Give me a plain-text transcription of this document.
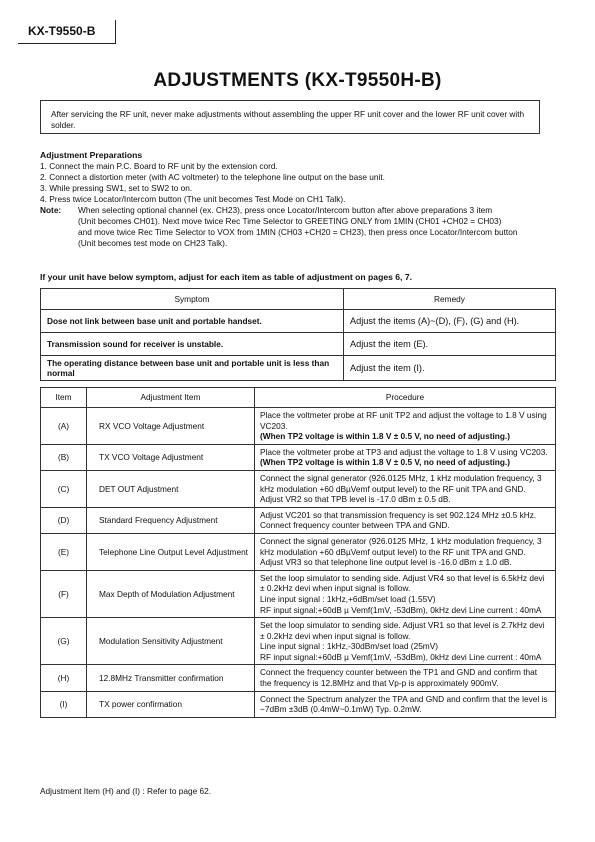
KX-T9550-B
ADJUSTMENTS (KX-T9550H-B)
After servicing the RF unit, never make adjustments without assembling the upper RF unit cover and the lower RF unit cover with solder.
Adjustment Preparations

1. Connect the main P.C. Board to RF unit by the extension cord.

2. Connect a distortion meter (with AC voltmeter) to the telephone line output on the base unit.

3. While pressing SW1, set to SW2 to on.

4. Press twice Locator/Intercom button (The unit becomes Test Mode on CH1 Talk).

Note:	When selecting optional channel (ex. CH23), press once Locator/Intercom button after above preparations 3 item
(Unit becomes CH01). Next move twice Rec Time Selector to GREETING ONLY from 1MIN (CH01 +CH02 = CH03)
and move twice Rec Time Selector to VOX from 1MIN (CH03 +CH20 = CH23), then press once Locator/Intercom button
(Unit becomes test mode on CH23 Talk).
If your unit have below symptom, adjust for each item as table of adjustment on pages 6, 7.
Symptom	Remedy
Dose not link between base unit and portable handset.	Adjust the items (A)~(D), (F), (G) and (H).
Transmission sound for receiver is unstable.	Adjust the item (E).
The operating distance between base unit and portable unit is less than normal	Adjust the item (I).
Item	Adjustment Item	Procedure
(A)	RX VCO Voltage Adjustment	Place the voltmeter probe at RF unit TP2 and adjust the voltage to 1.8 V using VC203.
(When TP2 voltage is within 1.8 V ± 0.5 V, no need of adjusting.)

(B)	TX VCO Voltage Adjustment	Place the voltmeter probe at TP3 and adjust the voltage to 1.8 V using VC203.
(When TP2 voltage is within 1.8 V ± 0.5 V, no need of adjusting.)

(C)	DET OUT Adjustment	Connect the signal generator (926.0125 MHz, 1 kHz modulation frequency, 3 kHz modulation +60 dBµVemf output level) to the RF unit TPA and GND.
Adjust VR2 so that TPB level is -17.0 dBm ± 0.5 dB.

(D)	Standard Frequency Adjustment	Adjust VC201 so that transmission frequency is set 902.124 MHz ±0.5 kHz.
Connect frequency counter between TPA and GND.

(E)	Telephone Line Output Level Adjustment	Connect the signal generator (926.0125 MHz, 1 kHz modulation frequency, 3 kHz modulation +60 dBµVemf output level) to the RF unit TPA and GND.
Adjust VR3 so that telephone line output level is -16.0 dBm ± 1.0 dB.

(F)	Max Depth of Modulation Adjustment	Set the loop simulator to sending side. Adjust VR4 so that level is 6.5kHz devi ± 0.2kHz devi when input signal is follow.
Line input signal : 1kHz,+6dBm/set load (1.55V)
RF input signal:+60dB µ Vemf(1mV, -53dBm), 0kHz devi Line current : 40mA

(G)	Modulation Sensitivity Adjustment	Set the loop simulator to sending side. Adjust VR1 so that level is 2.7kHz devi ± 0.2kHz devi when input signal is follow.
Line input signal : 1kHz,-30dBm/set load (25mV)
RF input signal:+60dB µ Vemf(1mV, -53dBm), 0kHz devi Line current : 40mA

(H)	12.8MHz Transmitter confirmation	Connect the frequency counter between the TP1 and GND and confirm that the frequency is 12.8MHz and that Vp-p is approximately 900mV.

(I)	TX power confirmation	Connect the Spectrum analyzer the TPA and GND and confirm that the level is −7dBm ±3dB (0.4mW~0.1mW) Typ. 0.2mW.
Adjustment Item (H) and (I) : Refer to page 62.
